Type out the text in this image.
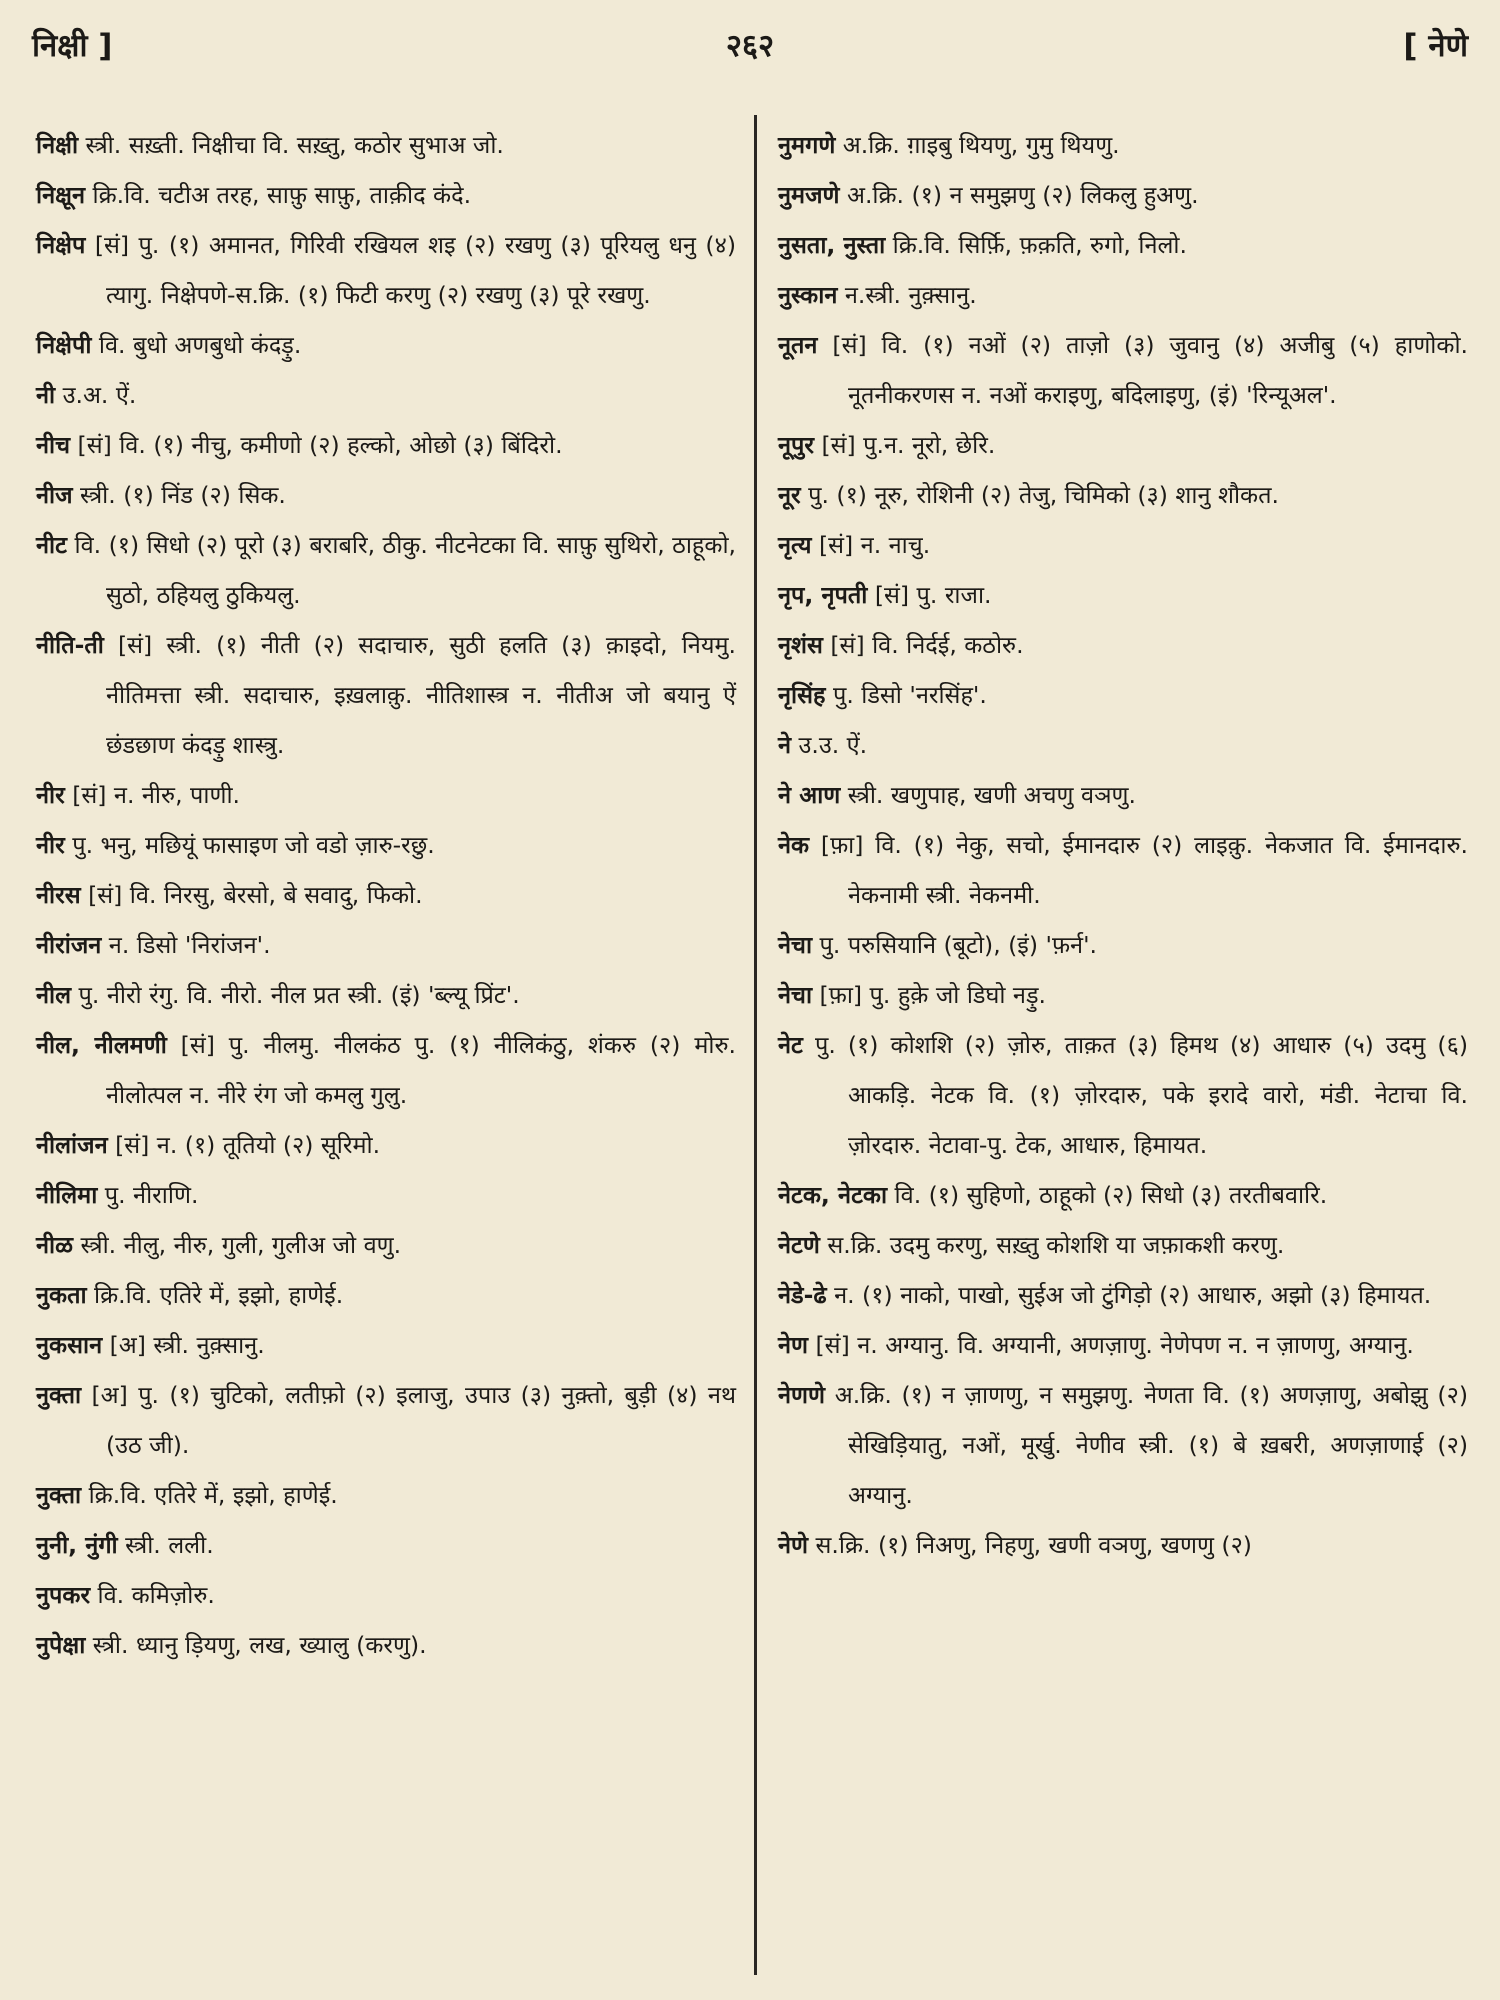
निक्षी ]	२६२	[ नेणे
निक्षी स्त्री. सख़्ती. निक्षीचा वि. सख़्तु, कठोर सुभाअ जो.
निक्षून क्रि.वि. चटीअ तरह, साफ़ु साफ़ु, ताक़ीद कंदे.
निक्षेप [सं] पु. (१) अमानत, गिरिवी रखियल शइ (२) रखणु (३) पूरियलु धनु (४) त्यागु. निक्षेपणे-स.क्रि. (१) फिटी करणु (२) रखणु (३) पूरे रखणु.
निक्षेपी वि. बुधो अणबुधो कंदड़ु.
नी उ.अ. ऐं.
नीच [सं] वि. (१) नीचु, कमीणो (२) हल्को, ओछो (३) बिंदिरो.
नीज स्त्री. (१) निंड (२) सिक.
नीट वि. (१) सिधो (२) पूरो (३) बराबरि, ठीकु. नीटनेटका वि. साफ़ु सुथिरो, ठाहूको, सुठो, ठहियलु ठुकियलु.
नीति-ती [सं] स्त्री. (१) नीती (२) सदाचारु, सुठी हलति (३) क़ाइदो, नियमु. नीतिमत्ता स्त्री. सदाचारु, इख़लाक़ु. नीतिशास्त्र न. नीतीअ जो बयानु ऐं छंडछाण कंदड़ु शास्त्रु.
नीर [सं] न. नीरु, पाणी.
नीर पु. भनु, मछियूं फासाइण जो वडो ज़ारु-रछु.
नीरस [सं] वि. निरसु, बेरसो, बे सवादु, फिको.
नीरांजन न. डिसो 'निरांजन'.
नील पु. नीरो रंगु. वि. नीरो. नील प्रत स्त्री. (इं) 'ब्ल्यू प्रिंट'.
नील, नीलमणी [सं] पु. नीलमु. नीलकंठ पु. (१) नीलिकंठु, शंकरु (२) मोरु. नीलोत्पल न. नीरे रंग जो कमलु गुलु.
नीलांजन [सं] न. (१) तूतियो (२) सूरिमो.
नीलिमा पु. नीराणि.
नीळ स्त्री. नीलु, नीरु, गुली, गुलीअ जो वणु.
नुकता क्रि.वि. एतिरे में, इझो, हाणेई.
नुकसान [अ] स्त्री. नुक़्सानु.
नुक्ता [अ] पु. (१) चुटिको, लतीफ़ो (२) इलाजु, उपाउ (३) नुक़्तो, बुड़ी (४) नथ (उठ जी).
नुक्ता क्रि.वि. एतिरे में, इझो, हाणेई.
नुनी, नुंगी स्त्री. लली.
नुपकर वि. कमिज़ोरु.
नुपेक्षा स्त्री. ध्यानु ड़ियणु, लख, ख्यालु (करणु).
नुमगणे अ.क्रि. ग़ाइबु थियणु, गुमु थियणु.
नुमजणे अ.क्रि. (१) न समुझणु (२) लिकलु हुअणु.
नुसता, नुस्ता क्रि.वि. सिर्फ़ि, फ़क़ति, रुगो, निलो.
नुस्कान न.स्त्री. नुक़्सानु.
नूतन [सं] वि. (१) नओं (२) ताज़ो (३) जुवानु (४) अजीबु (५) हाणोको. नूतनीकरणस न. नओं कराइणु, बदिलाइणु, (इं) 'रिन्यूअल'.
नूपुर [सं] पु.न. नूरो, छेरि.
नूर पु. (१) नूरु, रोशिनी (२) तेजु, चिमिको (३) शानु शौकत.
नृत्य [सं] न. नाचु.
नृप, नृपती [सं] पु. राजा.
नृशंस [सं] वि. निर्दई, कठोरु.
नृसिंह पु. डिसो 'नरसिंह'.
ने उ.उ. ऐं.
ने आण स्त्री. खणुपाह, खणी अचणु वञणु.
नेक [फ़ा] वि. (१) नेकु, सचो, ईमानदारु (२) लाइक़ु. नेकजात वि. ईमानदारु. नेकनामी स्त्री. नेकनमी.
नेचा पु. परुसियानि (बूटो), (इं) 'फ़र्न'.
नेचा [फ़ा] पु. हुक़े जो डिघो नड़ु.
नेट पु. (१) कोशशि (२) ज़ोरु, ताक़त (३) हिमथ (४) आधारु (५) उदमु (६) आकड़ि. नेटक वि. (१) ज़ोरदारु, पके इरादे वारो, मंडी. नेटाचा वि. ज़ोरदारु. नेटावा-पु. टेक, आधारु, हिमायत.
नेटक, नेटका वि. (१) सुहिणो, ठाहूको (२) सिधो (३) तरतीबवारि.
नेटणे स.क्रि. उदमु करणु, सख़्तु कोशशि या जफ़ाकशी करणु.
नेडे-ढे न. (१) नाको, पाखो, सुईअ जो टुंगिड़ो (२) आधारु, अझो (३) हिमायत.
नेण [सं] न. अग्यानु. वि. अग्यानी, अणज़ाणु. नेणेपण न. न ज़ाणणु, अग्यानु.
नेणणे अ.क्रि. (१) न ज़ाणणु, न समुझणु. नेणता वि. (१) अणज़ाणु, अबोझु (२) सेखिड़ियातु, नओं, मूर्खु. नेणीव स्त्री. (१) बे ख़बरी, अणज़ाणाई (२) अग्यानु.
नेणे स.क्रि. (१) निअणु, निहणु, खणी वञणु, खणणु (२)
